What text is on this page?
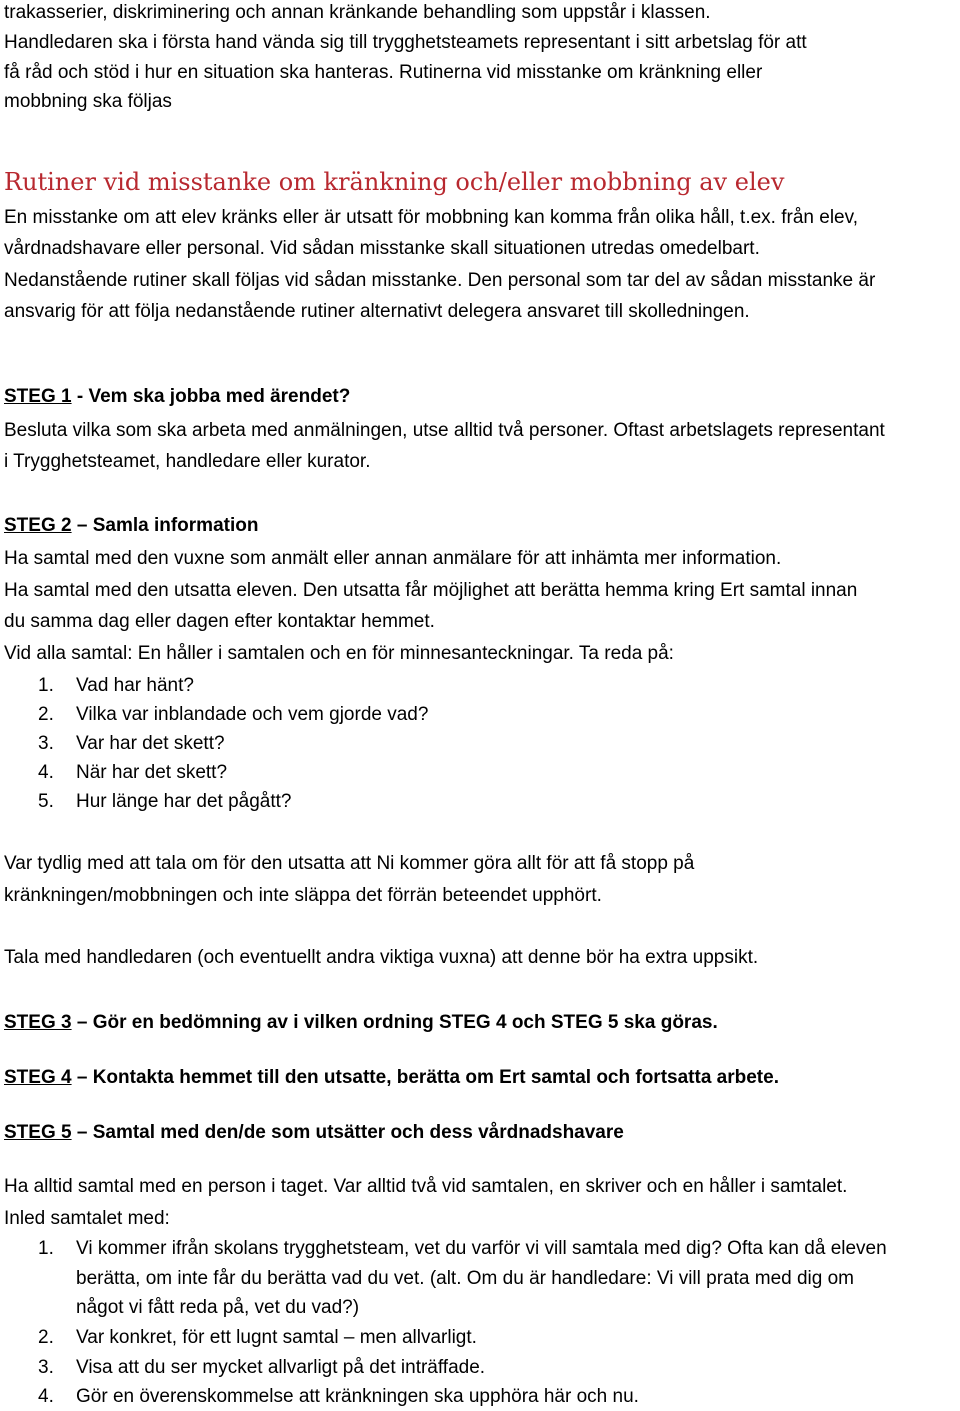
trakasserier, diskriminering och annan kränkande behandling som uppstår i klassen.
Handledaren ska i första hand vända sig till trygghetsteamets representant i sitt arbetslag för att
få råd och stöd i hur en situation ska hanteras. Rutinerna vid misstanke om kränkning eller
mobbning ska följas
Rutiner vid misstanke om kränkning och/eller mobbning av elev
En misstanke om att elev kränks eller är utsatt för mobbning kan komma från olika håll, t.ex. från elev,
vårdnadshavare eller personal. Vid sådan misstanke skall situationen utredas omedelbart.
Nedanstående rutiner skall följas vid sådan misstanke. Den personal som tar del av sådan misstanke är
ansvarig för att följa nedanstående rutiner alternativt delegera ansvaret till skolledningen.
STEG 1 - Vem ska jobba med ärendet?
Besluta vilka som ska arbeta med anmälningen, utse alltid två personer. Oftast arbetslagets representant
i Trygghetsteamet, handledare eller kurator.
STEG 2 – Samla information
Ha samtal med den vuxne som anmält eller annan anmälare för att inhämta mer information.
Ha samtal med den utsatta eleven. Den utsatta får möjlighet att berätta hemma kring Ert samtal innan
du samma dag eller dagen efter kontaktar hemmet.
Vid alla samtal: En håller i samtalen och en för minnesanteckningar. Ta reda på:
1. Vad har hänt?
2. Vilka var inblandade och vem gjorde vad?
3. Var har det skett?
4. När har det skett?
5. Hur länge har det pågått?
Var tydlig med att tala om för den utsatta att Ni kommer göra allt för att få stopp på
kränkningen/mobbningen och inte släppa det förrän beteendet upphört.
Tala med handledaren (och eventuellt andra viktiga vuxna) att denne bör ha extra uppsikt.
STEG 3 – Gör en bedömning av i vilken ordning STEG 4 och STEG 5 ska göras.
STEG 4 – Kontakta hemmet till den utsatte, berätta om Ert samtal och fortsatta arbete.
STEG 5 – Samtal med den/de som utsätter och dess vårdnadshavare
Ha alltid samtal med en person i taget. Var alltid två vid samtalen, en skriver och en håller i samtalet.
Inled samtalet med:
1. Vi kommer ifrån skolans trygghetsteam, vet du varför vi vill samtala med dig? Ofta kan då eleven
berätta, om inte får du berätta vad du vet. (alt. Om du är handledare: Vi vill prata med dig om
något vi fått reda på, vet du vad?)
2. Var konkret, för ett lugnt samtal – men allvarligt.
3. Visa att du ser mycket allvarligt på det inträffade.
4. Gör en överenskommelse att kränkningen ska upphöra här och nu.
